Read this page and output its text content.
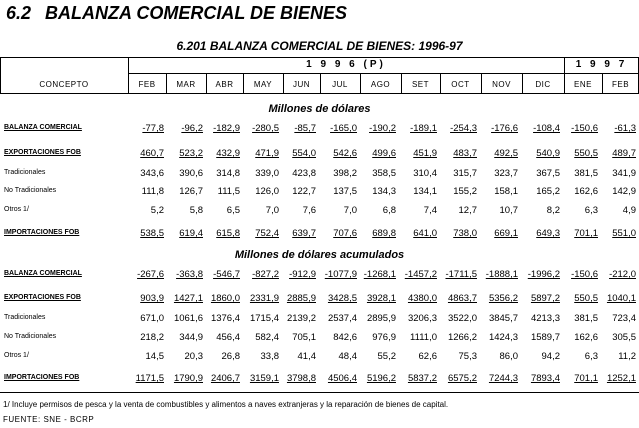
6.2 BALANZA COMERCIAL DE BIENES
6.201 BALANZA COMERCIAL DE BIENES: 1996-97
CONCEPTO
1 9 9 6 (P)	1 9 9 7
FEB	MAR	ABR	MAY	JUN	JUL	AGO	SET	OCT	NOV	DIC	ENE	FEB
Millones de dólares
BALANZA COMERCIAL	-77,8 -96,2 -182,9 -280,5 -85,7 -165,0 -190,2 -189,1 -254,3 -176,6 -108,4 -150,6 -61,3
EXPORTACIONES FOB	460,7 523,2 432,9 471,9 554,0 542,6 499,6 451,9 483,7 492,5 540,9 550,5 489,7
Tradicionales	343,6 390,6 314,8 339,0 423,8 398,2 358,5 310,4 315,7 323,7 367,5 381,5 341,9
No Tradicionales	111,8 126,7 111,5 126,0 122,7 137,5 134,3 134,1 155,2 158,1 165,2 162,6 142,9
Otros 1/	5,2	5,8	6,5	7,0	7,6	7,0	6,8	7,4 12,7 10,7	8,2	6,3	4,9
IMPORTACIONES FOB	538,5 619,4 615,8 752,4 639,7 707,6 689,8 641,0 738,0 669,1 649,3 701,1 551,0
Millones de dólares acumulados
BALANZA COMERCIAL	-267,6 -363,8 -546,7 -827,2 -912,9 -1077,9 -1268,1 -1457,2 -1711,5 -1888,1 -1996,2 -150,6 -212,0
EXPORTACIONES FOB	903,9 1427,1 1860,0 2331,9 2885,9 3428,5 3928,1 4380,0 4863,7 5356,2 5897,2 550,5 1040,1
Tradicionales	671,0 1061,6 1376,4 1715,4 2139,2 2537,4 2895,9 3206,3 3522,0 3845,7 4213,3 381,5 723,4
No Tradicionales	218,2 344,9 456,4 582,4 705,1 842,6 976,9 1111,0 1266,2 1424,3 1589,7 162,6 305,5
Otros 1/	14,5 20,3 26,8 33,8 41,4 48,4 55,2 62,6 75,3 86,0 94,2	6,3 11,2
IMPORTACIONES FOB	1171,5 1790,9 2406,7 3159,1 3798,8 4506,4 5196,2 5837,2 6575,2 7244,3 7893,4 701,1 1252,1
1/ Incluye permisos de pesca y la venta de combustibles y alimentos a naves extranjeras y la reparación de bienes de capital.
FUENTE: SNE - BCRP
